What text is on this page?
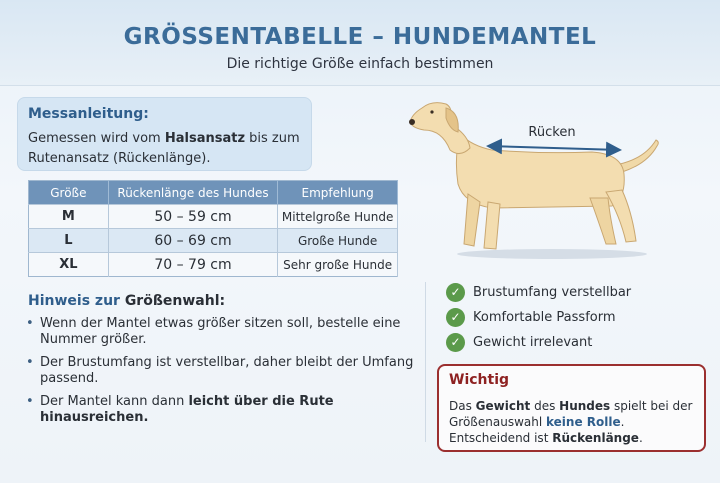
GRÖSSENTABELLE – HUNDEMANTEL
Die richtige Größe einfach bestimmen
Messanleitung:
Gemessen wird vom Halsansatz bis zum Rutenansatz (Rückenlänge).
Größe	Rückenlänge des Hundes	Empfehlung
M	50 – 59 cm	Mittelgroße Hunde
L	60 – 69 cm	Große Hunde
XL	70 – 79 cm	Sehr große Hunde
Hinweis zur Größenwahl:
• Wenn der Mantel etwas größer sitzen soll, bestelle eine Nummer größer.
• Der Brustumfang ist verstellbar, daher bleibt der Umfang passend.
• Der Mantel kann dann leicht über die Rute hinausreichen.
Rücken
✓ Brustumfang verstellbar
✓ Komfortable Passform
✓ Gewicht irrelevant
Wichtig
Das Gewicht des Hundes spielt bei der Größenauswahl keine Rolle. Entscheidend ist Rückenlänge.
